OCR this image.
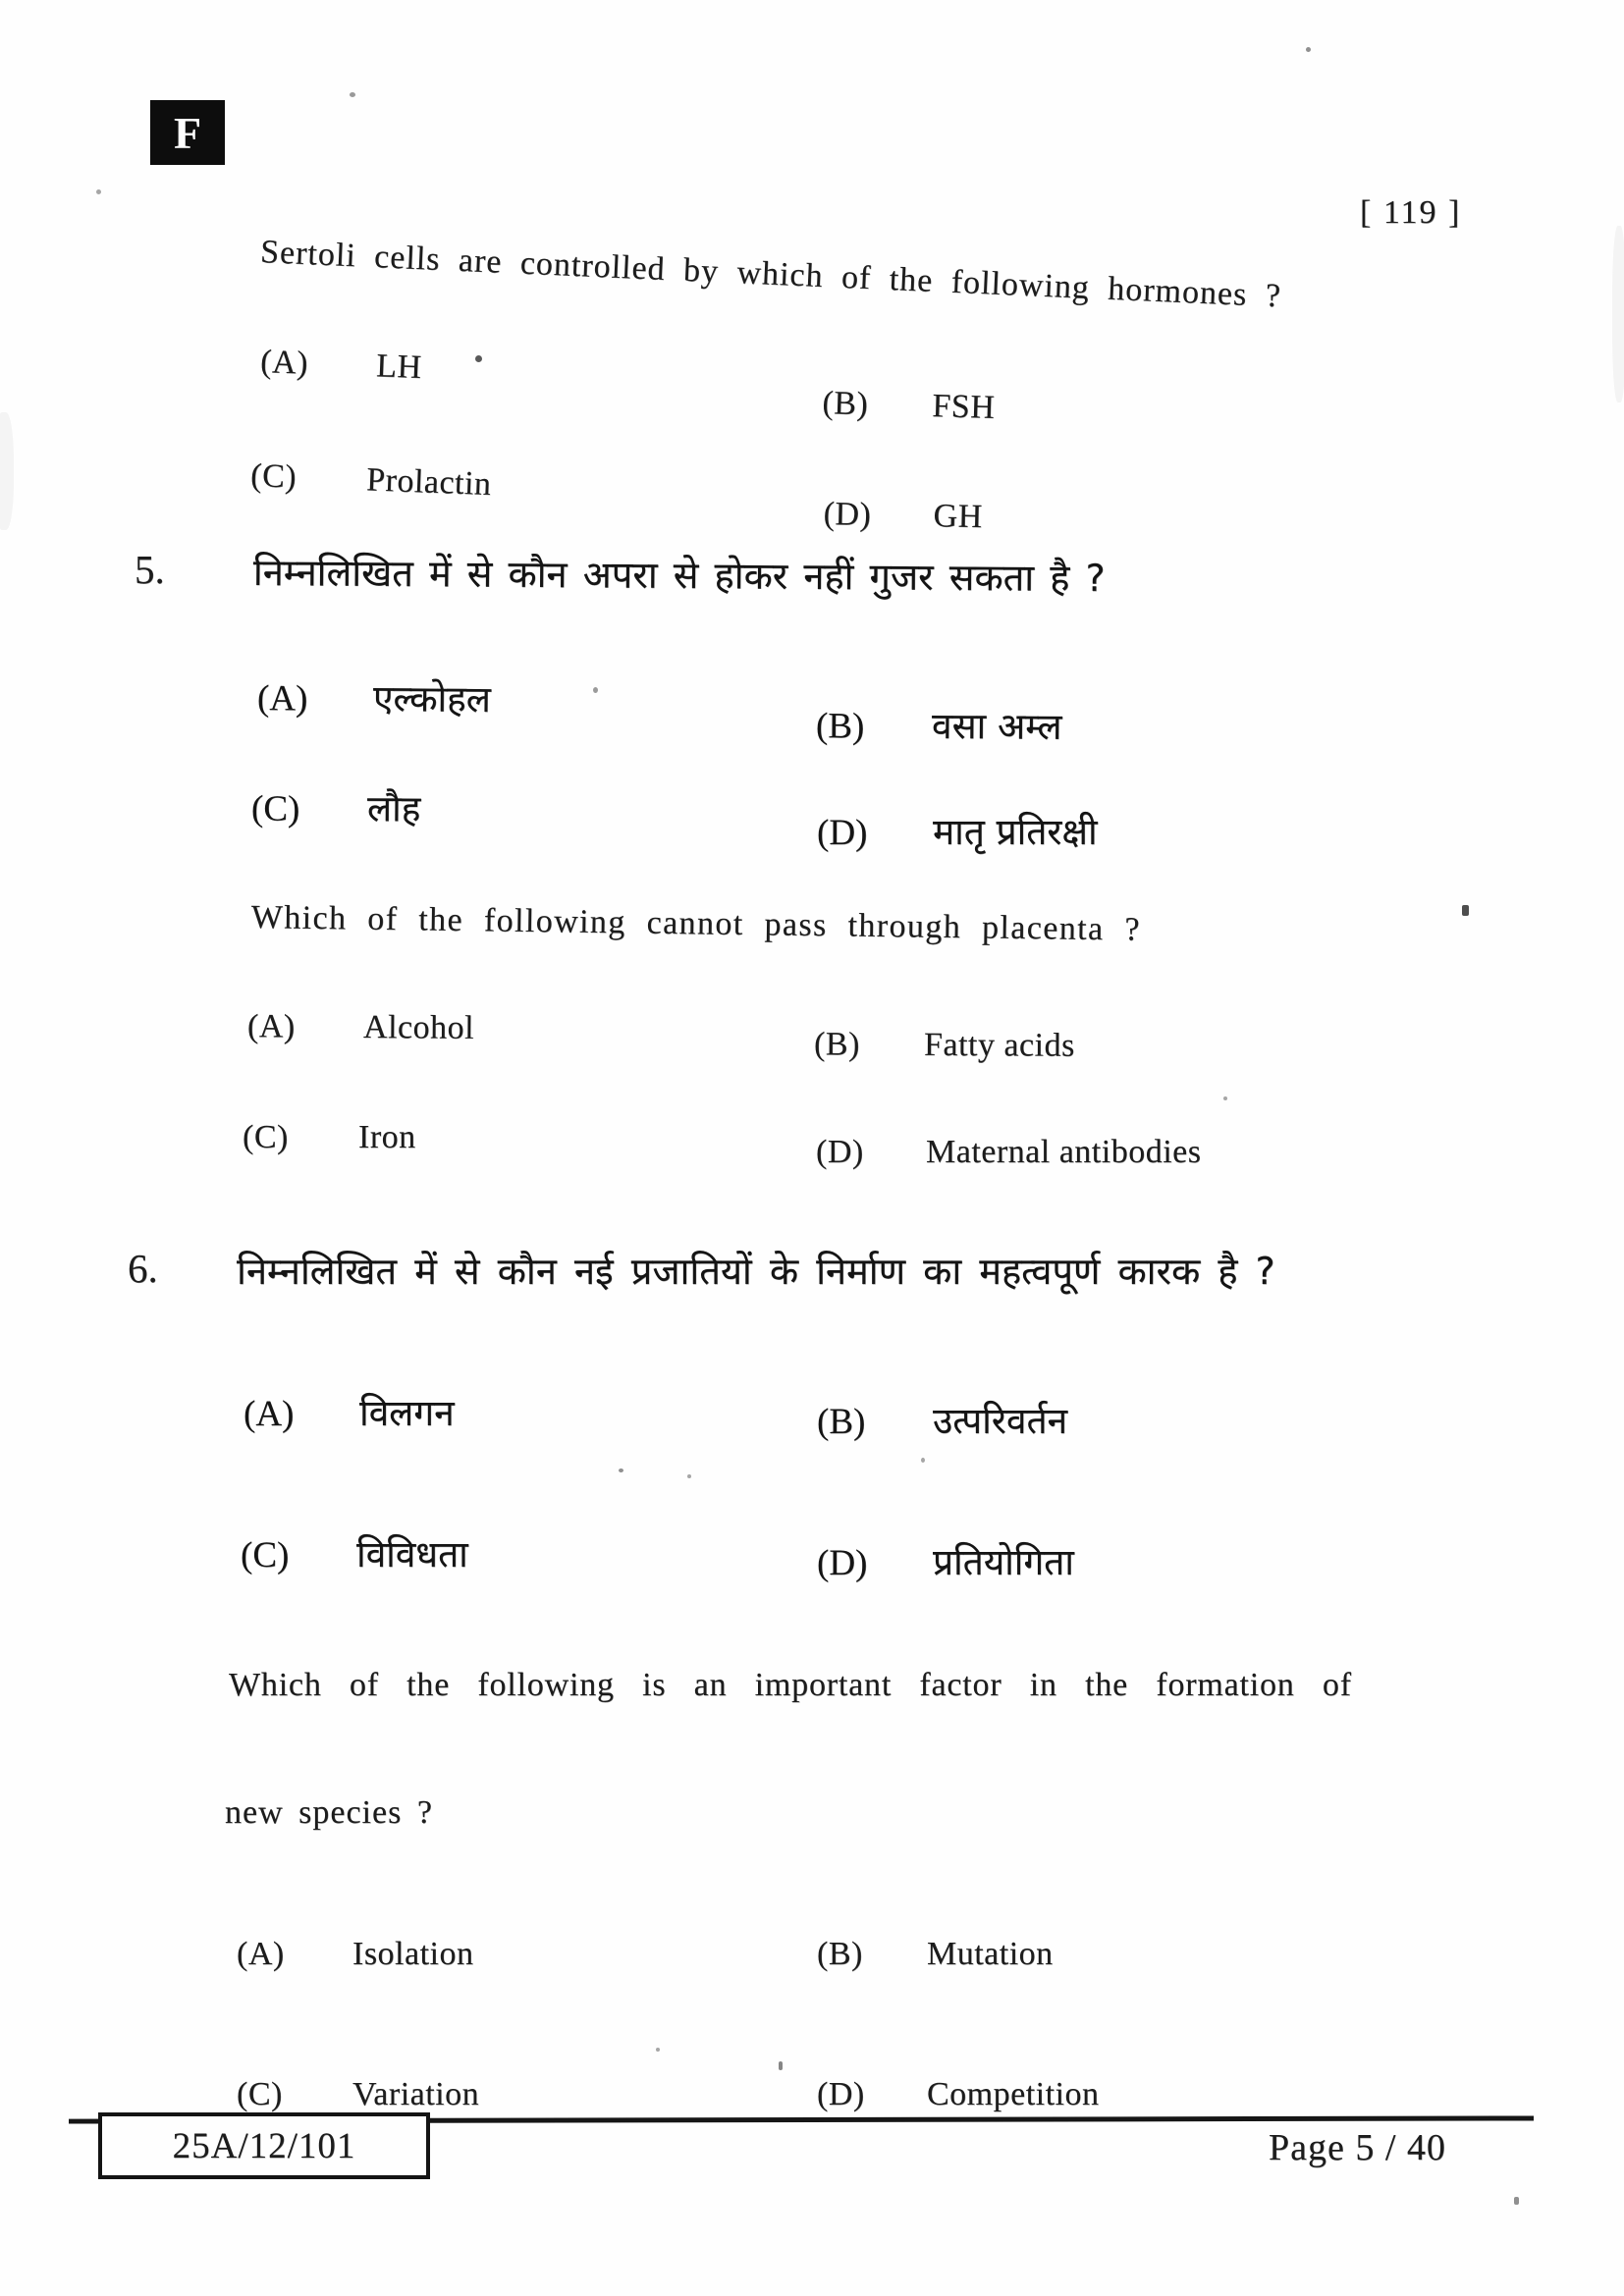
F
[ 119 ]
Sertoli cells are controlled by which of the following hormones ?
(A) LH
(B) FSH
(C) Prolactin
(D) GH
5. निम्नलिखित में से कौन अपरा से होकर नहीं गुजर सकता है ?
(A) एल्कोहल
(B) वसा अम्ल
(C) लौह
(D) मातृ प्रतिरक्षी
Which of the following cannot pass through placenta ?
(A) Alcohol	(B) Fatty acids
(C) Iron	(D) Maternal antibodies
6. निम्नलिखित में से कौन नई प्रजातियों के निर्माण का महत्वपूर्ण कारक है ?
(A) विलगन	(B) उत्परिवर्तन
(C) विविधता	(D) प्रतियोगिता
Which of the following is an important factor in the formation of
new species ?
(A) Isolation	(B) Mutation
(C) Variation	(D) Competition
25A/12/101	Page 5 / 40
